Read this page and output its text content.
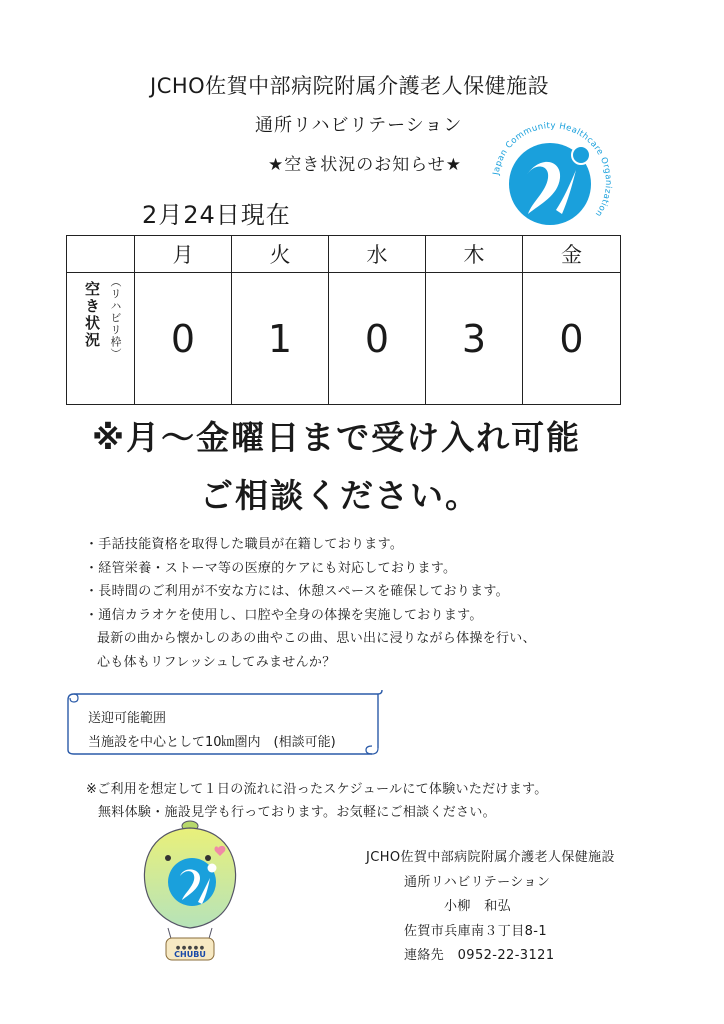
JCHO佐賀中部病院附属介護老人保健施設
通所リハビリテーション
★空き状況のお知らせ★
2月24日現在
Japan Community Healthcare Organization
	月	火	水	木	金

空き状況 （リハビリ枠）	0	1	0	3	0
※月～金曜日まで受け入れ可能
ご相談ください。
・手話技能資格を取得した職員が在籍しております。
・経管栄養・ストーマ等の医療的ケアにも対応しております。
・長時間のご利用が不安な方には、休憩スペースを確保しております。
・通信カラオケを使用し、口腔や全身の体操を実施しております。
最新の曲から懐かしのあの曲やこの曲、思い出に浸りながら体操を行い、
心も体もリフレッシュしてみませんか？
送迎可能範囲
当施設を中心として10㎞圏内　(相談可能)
※ご利用を想定して１日の流れに沿ったスケジュールにて体験いただけます。
無料体験・施設見学も行っております。お気軽にご相談ください。
● ● ● ● ●
CHUBU
JCHO佐賀中部病院附属介護老人保健施設
通所リハビリテーション
小柳　和弘
佐賀市兵庫南３丁目8-1
連絡先　0952-22-3121
